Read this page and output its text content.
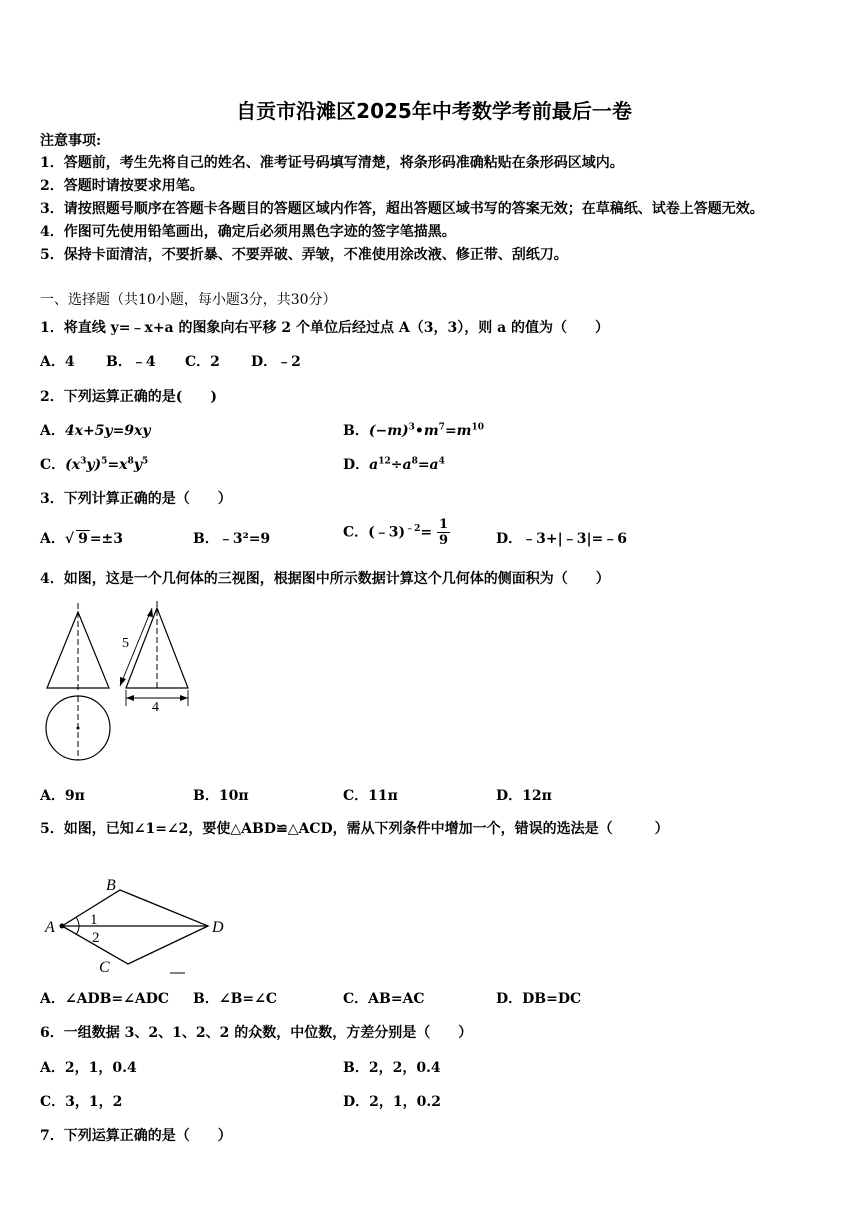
自贡市沿滩区2025年中考数学考前最后一卷
注意事项:
1．答题前，考生先将自己的姓名、准考证号码填写清楚，将条形码准确粘贴在条形码区域内。
2．答题时请按要求用笔。
3．请按照题号顺序在答题卡各题目的答题区域内作答，超出答题区域书写的答案无效；在草稿纸、试卷上答题无效。
4．作图可先使用铅笔画出，确定后必须用黑色字迹的签字笔描黑。
5．保持卡面清洁，不要折暴、不要弄破、弄皱，不准使用涂改液、修正带、刮纸刀。
一、选择题（共10小题，每小题3分，共30分）
1．将直线 y=﹣x+a 的图象向右平移 2 个单位后经过点 A（3，3），则 a 的值为（　　）
A．4 B．﹣4 C．2 D．﹣2
2．下列运算正确的是(　　)
A．4x+5y=9xy	B．$(-m)^3•m^7=m^{10}$
C．$(x^3y)^5=x^8y^5$	D．$a^{12}\div a^8=a^4$
3．下列计算正确的是（　　）
A．√ 9 =±3	B．﹣3²=9	C．(﹣3)$^{﹣2}$= $\frac{1}{9}$	D．﹣3+|﹣3|=﹣6
4．如图，这是一个几何体的三视图，根据图中所示数据计算这个几何体的侧面积为（　　）
5
4
A．9π	B．10π	C．11π	D．12π
5．如图，已知∠1=∠2，要使△ABD≌△ACD，需从下列条件中增加一个，错误的选法是（　　　）
A
B
C
D
1
2
A．∠ADB=∠ADC B．∠B=∠C	C．AB=AC	D．DB=DC
6．一组数据 3、2、1、2、2 的众数，中位数，方差分别是（　　）
A．2，1，0.4	B．2，2，0.4
C．3，1，2	D．2，1，0.2
7．下列运算正确的是（　　）
